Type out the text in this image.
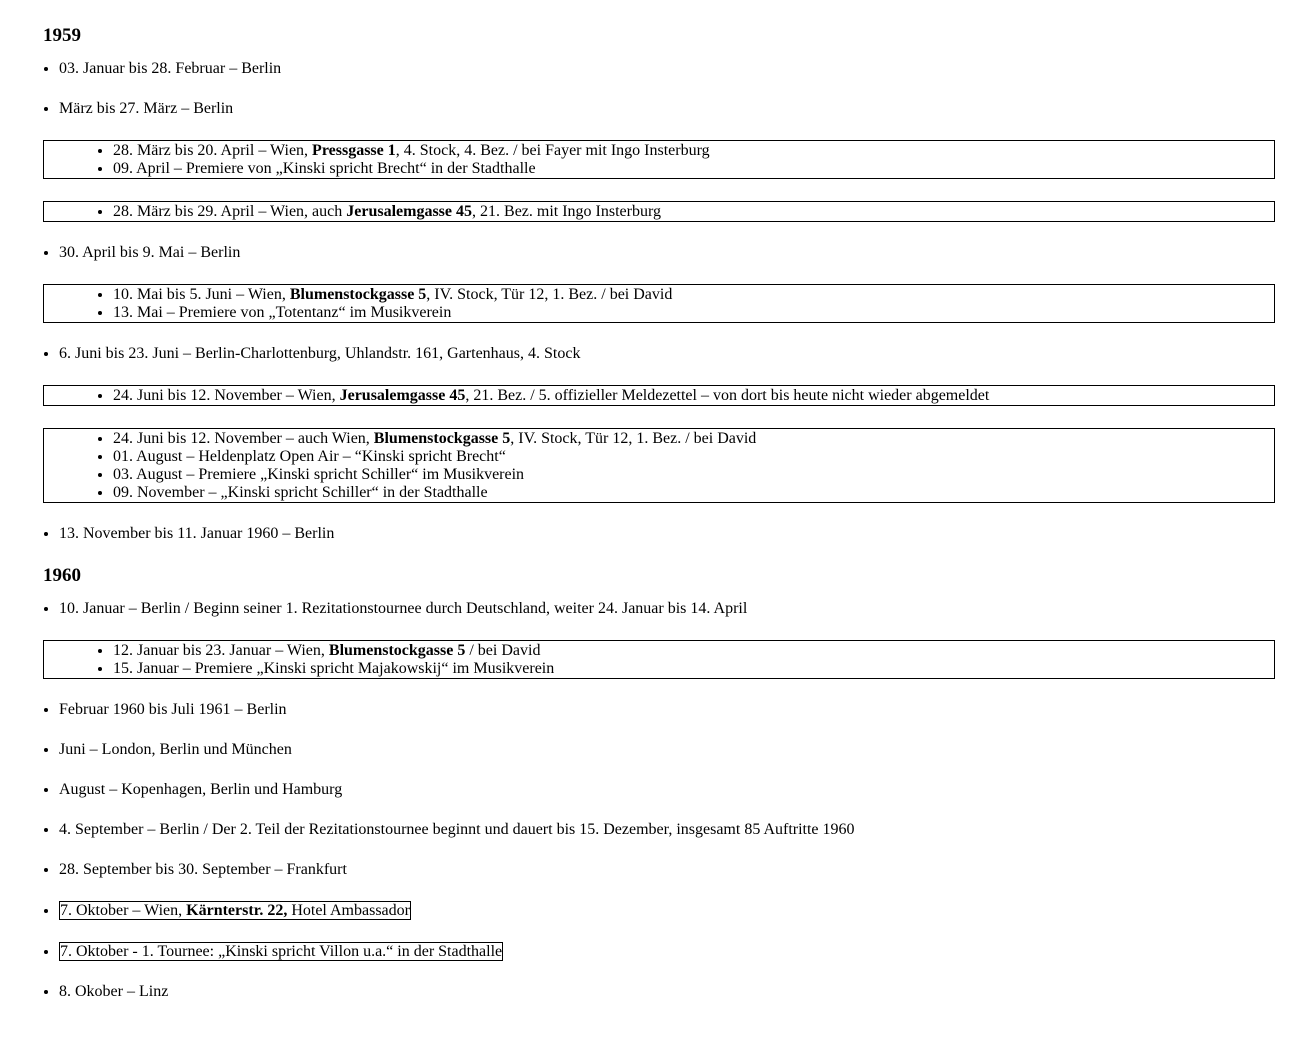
1959
• 03. Januar bis 28. Februar – Berlin
• März bis 27. März – Berlin
• 28. März bis 20. April – Wien, Pressgasse 1, 4. Stock, 4. Bez. / bei Fayer mit Ingo Insterburg
• 09. April – Premiere von „Kinski spricht Brecht“ in der Stadthalle
• 28. März bis 29. April – Wien, auch Jerusalemgasse 45, 21. Bez. mit Ingo Insterburg
• 30. April bis 9. Mai – Berlin
• 10. Mai bis 5. Juni – Wien, Blumenstockgasse 5, IV. Stock, Tür 12, 1. Bez. / bei David
• 13. Mai – Premiere von „Totentanz“ im Musikverein
• 6. Juni bis 23. Juni – Berlin-Charlottenburg, Uhlandstr. 161, Gartenhaus, 4. Stock
• 24. Juni bis 12. November – Wien, Jerusalemgasse 45, 21. Bez. / 5. offizieller Meldezettel – von dort bis heute nicht wieder abgemeldet
• 24. Juni bis 12. November – auch Wien, Blumenstockgasse 5, IV. Stock, Tür 12, 1. Bez. / bei David
• 01. August – Heldenplatz Open Air – “Kinski spricht Brecht“
• 03. August – Premiere „Kinski spricht Schiller“ im Musikverein
• 09. November – „Kinski spricht Schiller“ in der Stadthalle
• 13. November bis 11. Januar 1960 – Berlin
1960
• 10. Januar – Berlin / Beginn seiner 1. Rezitationstournee durch Deutschland, weiter 24. Januar bis 14. April
• 12. Januar bis 23. Januar – Wien, Blumenstockgasse 5 / bei David
• 15. Januar – Premiere „Kinski spricht Majakowskij“ im Musikverein
• Februar 1960 bis Juli 1961 – Berlin
• Juni – London, Berlin und München
• August – Kopenhagen, Berlin und Hamburg
• 4. September – Berlin / Der 2. Teil der Rezitationstournee beginnt und dauert bis 15. Dezember, insgesamt 85 Auftritte 1960
• 28. September bis 30. September – Frankfurt
• 7. Oktober – Wien, Kärnterstr. 22, Hotel Ambassador
• 7. Oktober - 1. Tournee: „Kinski spricht Villon u.a.“ in der Stadthalle
• 8. Okober – Linz
